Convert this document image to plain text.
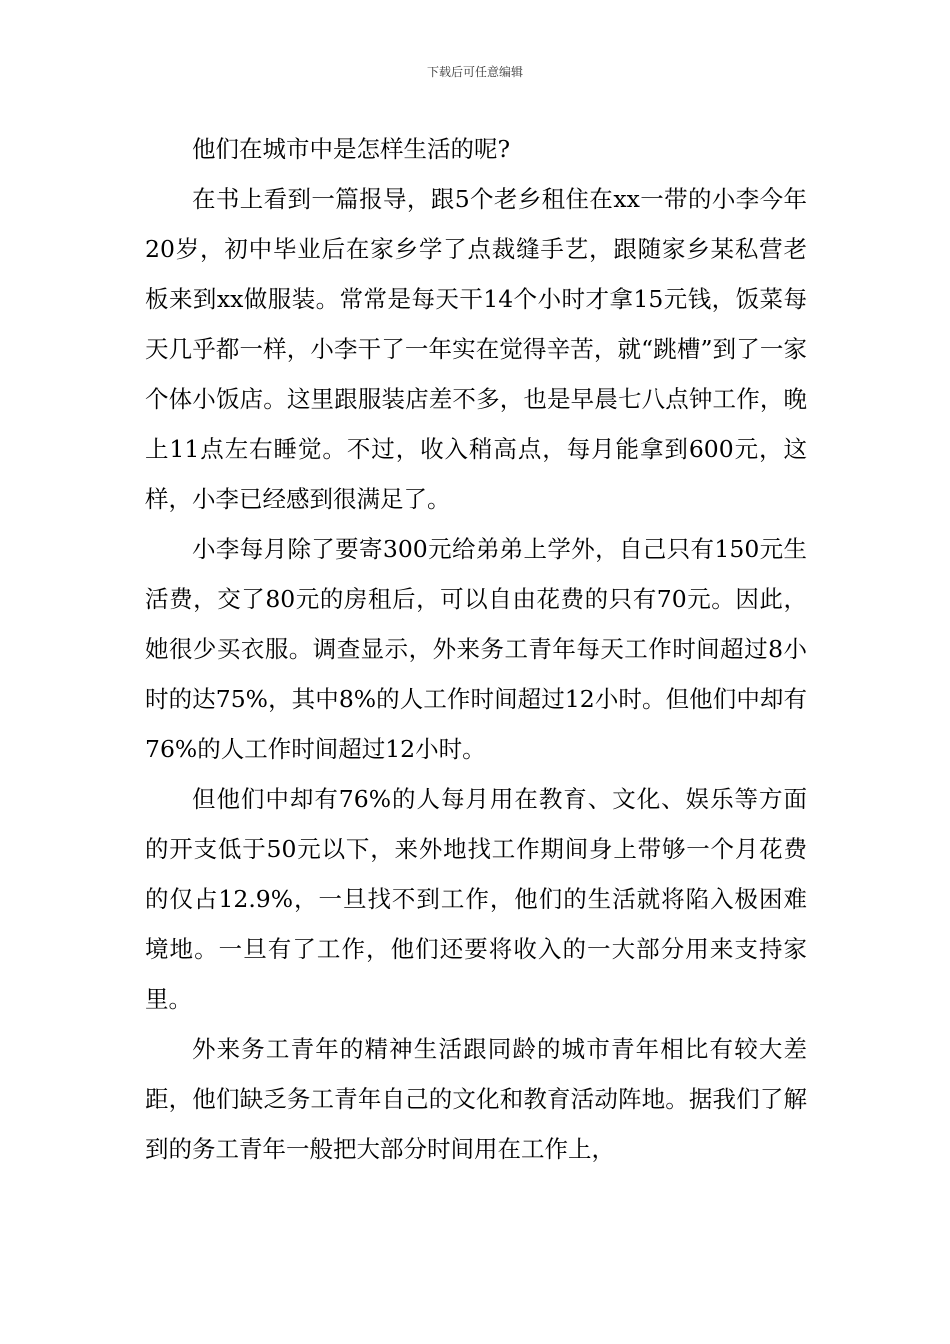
下载后可任意编辑

他们在城市中是怎样生活的呢?

在书上看到一篇报导，跟5个老乡租住在xx一带的小李今年20岁，初中毕业后在家乡学了点裁缝手艺，跟随家乡某私营老板来到xx做服装。常常是每天干14个小时才拿15元钱，饭菜每天几乎都一样，小李干了一年实在觉得辛苦，就“跳槽”到了一家个体小饭店。这里跟服装店差不多，也是早晨七八点钟工作，晚上11点左右睡觉。不过，收入稍高点，每月能拿到600元，这样，小李已经感到很满足了。

小李每月除了要寄300元给弟弟上学外，自己只有150元生活费，交了80元的房租后，可以自由花费的只有70元。因此，她很少买衣服。调查显示，外来务工青年每天工作时间超过8小时的达75%，其中8%的人工作时间超过12小时。但他们中却有76%的人工作时间超过12小时。

但他们中却有76%的人每月用在教育、文化、娱乐等方面的开支低于50元以下，来外地找工作期间身上带够一个月花费的仅占12.9%，一旦找不到工作，他们的生活就将陷入极困难境地。一旦有了工作，他们还要将收入的一大部分用来支持家里。

外来务工青年的精神生活跟同龄的城市青年相比有较大差距，他们缺乏务工青年自己的文化和教育活动阵地。据我们了解到的务工青年一般把大部分时间用在工作上，
